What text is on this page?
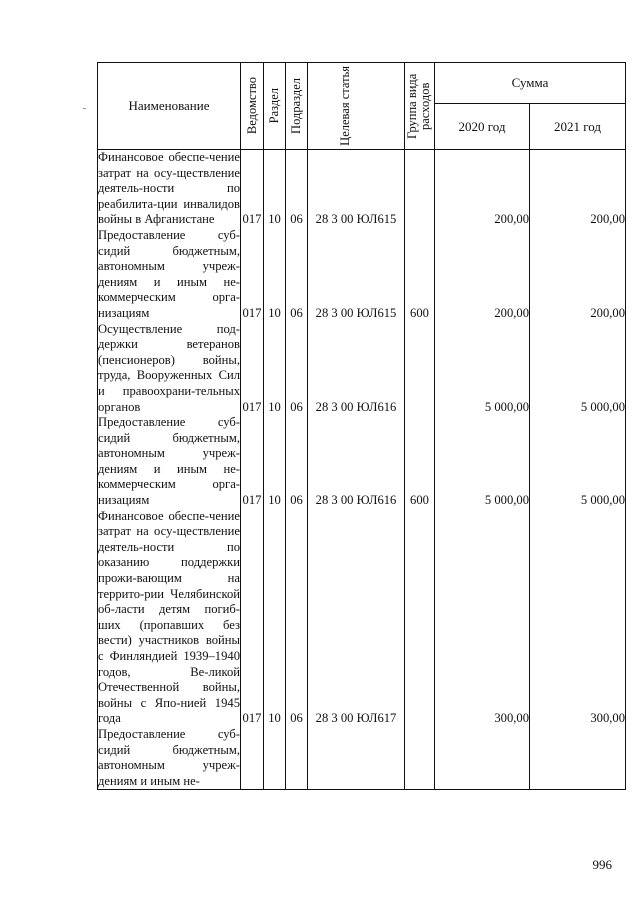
Наименование	Ведомство	Раздел	Подраздел	Целевая статья	Группа вида расходов	Сумма	
						2020 год	2021 год
Финансовое обеспе-чение затрат на осу-ществление деятель-ности по реабилита-ции инвалидов войны в Афганистане	017	10	06	28 3 00 ЮЛ615		200,00	200,00
Предоставление суб-сидий бюджетным, автономным учреж-дениям и иным не-коммерческим орга-низациям	017	10	06	28 3 00 ЮЛ615	600	200,00	200,00
Осуществление под-держки ветеранов (пенсионеров) войны, труда, Вооруженных Сил и правоохрани-тельных органов	017	10	06	28 3 00 ЮЛ616		5 000,00	5 000,00
Предоставление суб-сидий бюджетным, автономным учреж-дениям и иным не-коммерческим орга-низациям	017	10	06	28 3 00 ЮЛ616	600	5 000,00	5 000,00
Финансовое обеспе-чение затрат на осу-ществление деятель-ности по оказанию поддержки прожи-вающим на террито-рии Челябинской об-ласти детям погиб-ших (пропавших без вести) участников войны с Финляндией 1939–1940 годов, Ве-ликой Отечественной войны, войны с Япо-нией 1945 года	017	10	06	28 3 00 ЮЛ617		300,00	300,00
Предоставление суб-сидий бюджетным, автономным учреж-дениям и иным не-							
996
